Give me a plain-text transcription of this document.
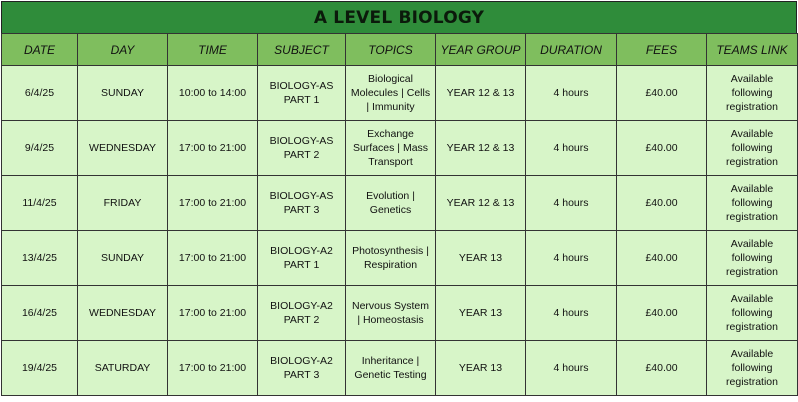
A LEVEL BIOLOGY
DATE	DAY	TIME	SUBJECT	TOPICS	YEAR GROUP	DURATION	FEES	TEAMS LINK
6/4/25	SUNDAY	10:00 to 14:00	BIOLOGY-AS PART 1	Biological Molecules | Cells | Immunity	YEAR 12 & 13	4 hours	£40.00	Available following registration
9/4/25	WEDNESDAY	17:00 to 21:00	BIOLOGY-AS PART 2	Exchange Surfaces | Mass Transport	YEAR 12 & 13	4 hours	£40.00	Available following registration
11/4/25	FRIDAY	17:00 to 21:00	BIOLOGY-AS PART 3	Evolution | Genetics	YEAR 12 & 13	4 hours	£40.00	Available following registration
13/4/25	SUNDAY	17:00 to 21:00	BIOLOGY-A2 PART 1	Photosynthesis | Respiration	YEAR 13	4 hours	£40.00	Available following registration
16/4/25	WEDNESDAY	17:00 to 21:00	BIOLOGY-A2 PART 2	Nervous System | Homeostasis	YEAR 13	4 hours	£40.00	Available following registration
19/4/25	SATURDAY	17:00 to 21:00	BIOLOGY-A2 PART 3	Inheritance | Genetic Testing	YEAR 13	4 hours	£40.00	Available following registration
